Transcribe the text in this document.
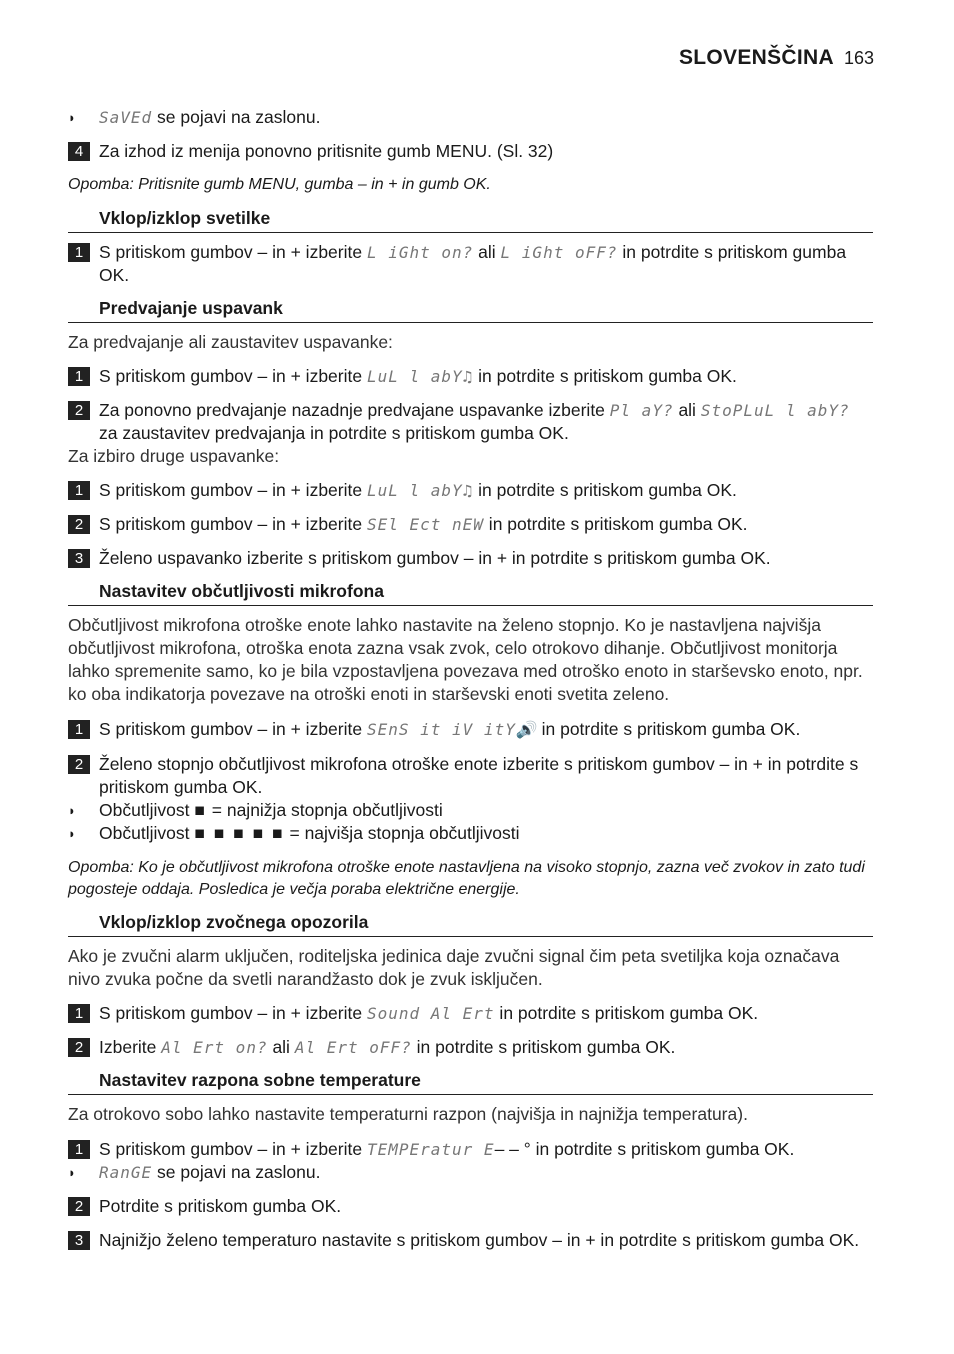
SLOVENŠČINA 163
◗	SaVEd se pojavi na zaslonu.

4 Za izhod iz menija ponovno pritisnite gumb MENU. (Sl. 32)

Opomba: Pritisnite gumb MENU, gumba – in + in gumb OK.

Vklop/izklop svetilke
1 S pritiskom gumbov – in + izberite L iGht on? ali L iGht oFF? in potrdite s pritiskom gumba OK.

Predvajanje uspavank

Za predvajanje ali zaustavitev uspavanke:

1 S pritiskom gumbov – in + izberite LuL l abY♫ in potrdite s pritiskom gumba OK.

2 Za ponovno predvajanje nazadnje predvajane uspavanke izberite Pl aY? ali StoPLuL l abY? za zaustavitev predvajanja in potrdite s pritiskom gumba OK.

Za izbiro druge uspavanke:

1 S pritiskom gumbov – in + izberite LuL l abY♫ in potrdite s pritiskom gumba OK.

2 S pritiskom gumbov – in + izberite SEl Ect nEW in potrdite s pritiskom gumba OK.

3 Želeno uspavanko izberite s pritiskom gumbov – in + in potrdite s pritiskom gumba OK.

Nastavitev občutljivosti mikrofona

Občutljivost mikrofona otroške enote lahko nastavite na želeno stopnjo. Ko je nastavljena najvišja občutljivost mikrofona, otroška enota zazna vsak zvok, celo otrokovo dihanje. Občutljivost monitorja lahko spremenite samo, ko je bila vzpostavljena povezava med otroško enoto in starševsko enoto, npr. ko oba indikatorja povezave na otroški enoti in starševski enoti svetita zeleno.

1 S pritiskom gumbov – in + izberite SEnS it iV itY🔊 in potrdite s pritiskom gumba OK.

2 Želeno stopnjo občutljivost mikrofona otroške enote izberite s pritiskom gumbov – in + in potrdite s pritiskom gumba OK.

◗	Občutljivost ■ = najnižja stopnja občutljivosti

◗	Občutljivost ■ ■ ■ ■ ■ = najvišja stopnja občutljivosti

Opomba: Ko je občutljivost mikrofona otroške enote nastavljena na visoko stopnjo, zazna več zvokov in zato tudi pogosteje oddaja. Posledica je večja poraba električne energije.

Vklop/izklop zvočnega opozorila

Ako je zvučni alarm uključen, roditeljska jedinica daje zvučni signal čim peta svetiljka koja označava nivo zvuka počne da svetli narandžasto dok je zvuk isključen.

1 S pritiskom gumbov – in + izberite Sound Al Ert in potrdite s pritiskom gumba OK.

2 Izberite Al Ert on? ali Al Ert oFF? in potrdite s pritiskom gumba OK.

Nastavitev razpona sobne temperature

Za otrokovo sobo lahko nastavite temperaturni razpon (najvišja in najnižja temperatura).

1 S pritiskom gumbov – in + izberite TEMPEratur E– – ° in potrdite s pritiskom gumba OK.

◗	RanGE se pojavi na zaslonu.

2 Potrdite s pritiskom gumba OK.

3 Najnižjo želeno temperaturo nastavite s pritiskom gumbov – in + in potrdite s pritiskom gumba OK.
